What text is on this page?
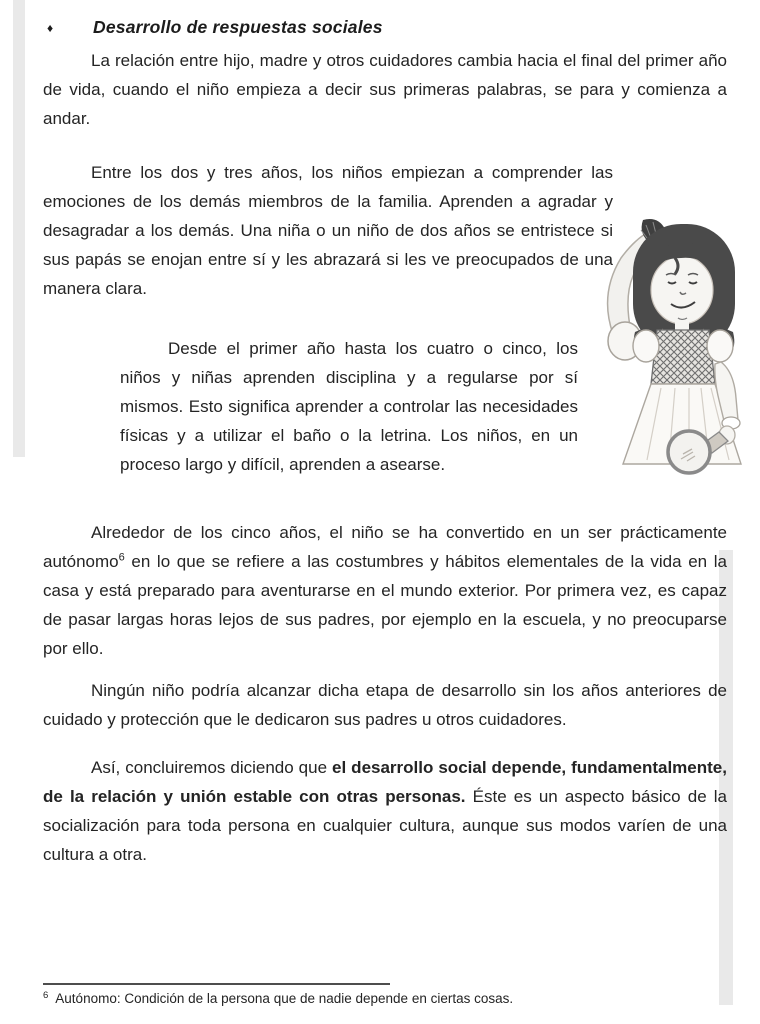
♦ Desarrollo de respuestas sociales

La relación entre hijo, madre y otros cuidadores cambia hacia el final del primer año de vida, cuando el niño empieza a decir sus primeras palabras, se para y comienza a andar.

Entre los dos y tres años, los niños empiezan a comprender las emociones de los demás miembros de la familia. Aprenden a agradar y desagradar a los demás. Una niña o un niño de dos años se entristece si sus papás se enojan entre sí y les abrazará si les ve preocupados de una manera clara.

Desde el primer año hasta los cuatro o cinco, los niños y niñas aprenden disciplina y a regularse por sí mismos. Esto significa aprender a controlar las necesidades físicas y a utilizar el baño o la letrina. Los niños, en un proceso largo y difícil, aprenden a asearse.

Alrededor de los cinco años, el niño se ha convertido en un ser prácticamente autónomo$^6$ en lo que se refiere a las costumbres y hábitos elementales de la vida en la casa y está preparado para aventurarse en el mundo exterior. Por primera vez, es capaz de pasar largas horas lejos de sus padres, por ejemplo en la escuela, y no preocuparse por ello.

Ningún niño podría alcanzar dicha etapa de desarrollo sin los años anteriores de cuidado y protección que le dedicaron sus padres u otros cuidadores.

Así, concluiremos diciendo que el desarrollo social depende, fundamentalmente, de la relación y unión estable con otras personas. Éste es un aspecto básico de la socialización para toda persona en cualquier cultura, aunque sus modos varíen de una cultura a otra.

$^6$ Autónomo: Condición de la persona que de nadie depende en ciertas cosas.
